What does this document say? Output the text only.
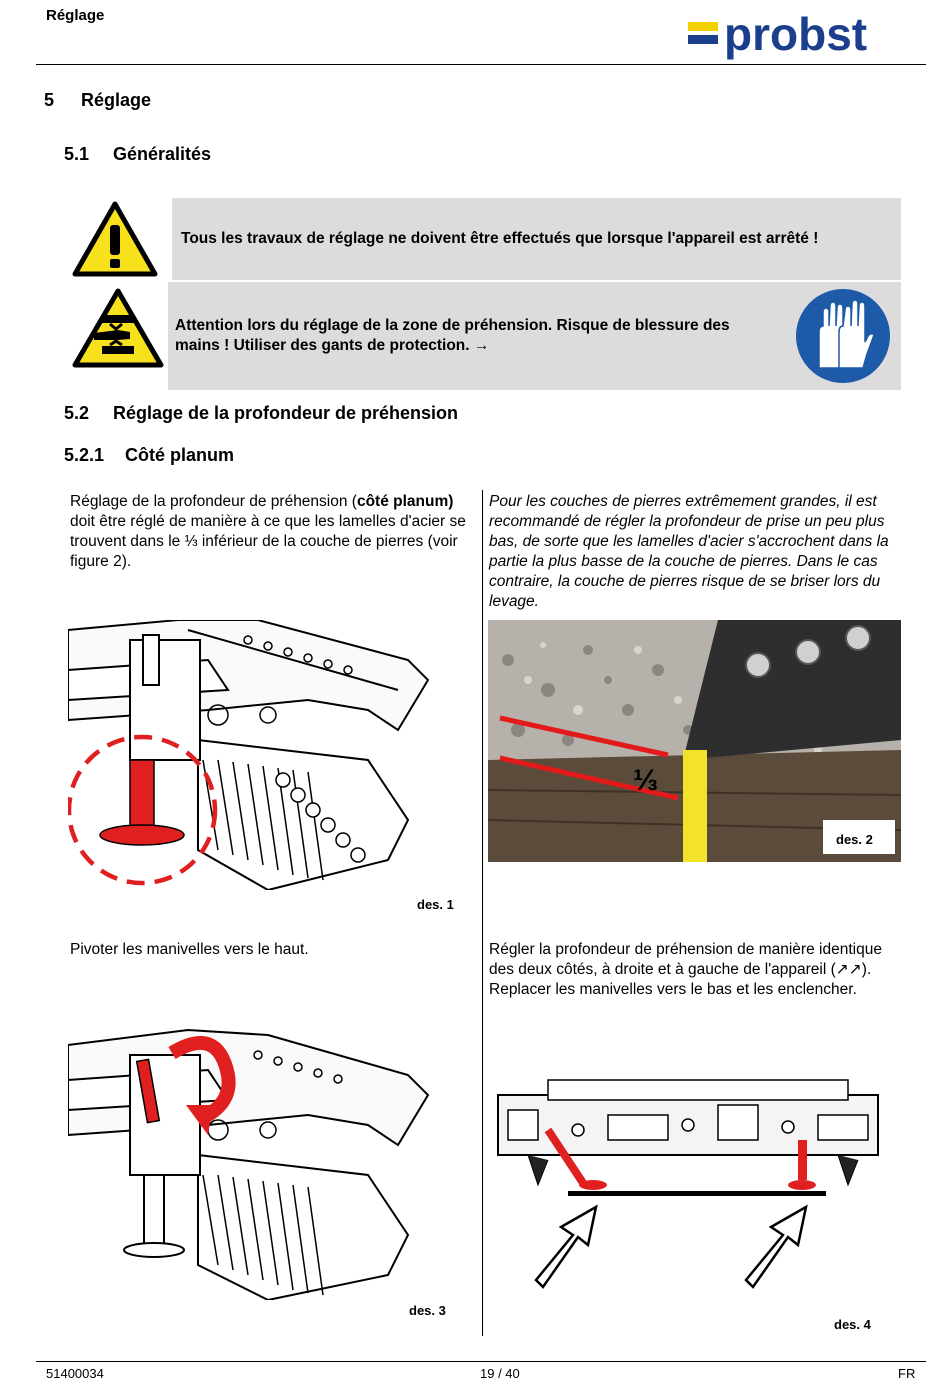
Réglage	probst
5 Réglage
5.1 Généralités
Tous les travaux de réglage ne doivent être effectués que lorsque l'appareil est arrêté !
Attention lors du réglage de la zone de préhension. Risque de blessure des mains ! Utiliser des gants de protection. →
5.2 Réglage de la profondeur de préhension
5.2.1 Côté planum
Réglage de la profondeur de préhension (côté planum) doit être réglé de manière à ce que les lamelles d'acier se trouvent dans le ⅓ inférieur de la couche de pierres (voir figure 2).
Pour les couches de pierres extrêmement grandes, il est recommandé de régler la profondeur de prise un peu plus bas, de sorte que les lamelles d'acier s'accrochent dans la partie la plus basse de la couche de pierres. Dans le cas contraire, la couche de pierres risque de se briser lors du levage.
des. 1
⅓
des. 2
Pivoter les manivelles vers le haut.	Régler la profondeur de préhension de manière identique des deux côtés, à droite et à gauche de l'appareil (↗↗). Replacer les manivelles vers le bas et les enclencher.
des. 3
des. 4
51400034	19 / 40	FR
